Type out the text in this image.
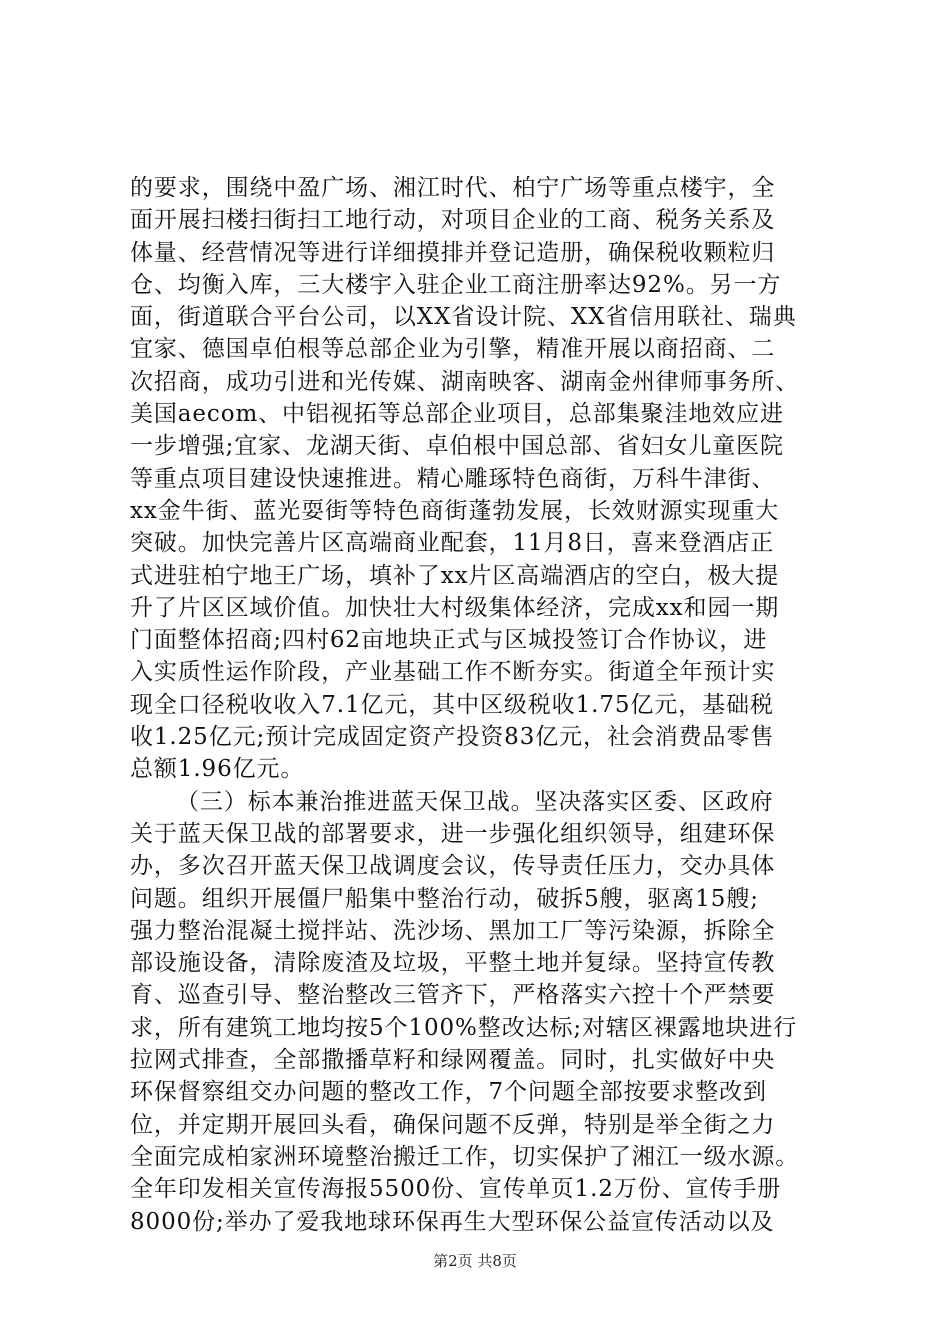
的要求，围绕中盈广场、湘江时代、柏宁广场等重点楼宇，全
面开展扫楼扫街扫工地行动，对项目企业的工商、税务关系及
体量、经营情况等进行详细摸排并登记造册，确保税收颗粒归
仓、均衡入库，三大楼宇入驻企业工商注册率达92%。另一方
面，街道联合平台公司，以XX省设计院、XX省信用联社、瑞典
宜家、德国卓伯根等总部企业为引擎，精准开展以商招商、二
次招商，成功引进和光传媒、湖南映客、湖南金州律师事务所、
美国aecom、中铝视拓等总部企业项目，总部集聚洼地效应进
一步增强;宜家、龙湖天街、卓伯根中国总部、省妇女儿童医院
等重点项目建设快速推进。精心雕琢特色商街，万科牛津街、
xx金牛街、蓝光耍街等特色商街蓬勃发展，长效财源实现重大
突破。加快完善片区高端商业配套，11月8日，喜来登酒店正
式进驻柏宁地王广场，填补了xx片区高端酒店的空白，极大提
升了片区区域价值。加快壮大村级集体经济，完成xx和园一期
门面整体招商;四村62亩地块正式与区城投签订合作协议，进
入实质性运作阶段，产业基础工作不断夯实。街道全年预计实
现全口径税收收入7.1亿元，其中区级税收1.75亿元，基础税
收1.25亿元;预计完成固定资产投资83亿元，社会消费品零售
总额1.96亿元。
（三）标本兼治推进蓝天保卫战。坚决落实区委、区政府
关于蓝天保卫战的部署要求，进一步强化组织领导，组建环保
办，多次召开蓝天保卫战调度会议，传导责任压力，交办具体
问题。组织开展僵尸船集中整治行动，破拆5艘，驱离15艘;
强力整治混凝土搅拌站、洗沙场、黑加工厂等污染源，拆除全
部设施设备，清除废渣及垃圾，平整土地并复绿。坚持宣传教
育、巡查引导、整治整改三管齐下，严格落实六控十个严禁要
求，所有建筑工地均按5个100%整改达标;对辖区裸露地块进行
拉网式排查，全部撒播草籽和绿网覆盖。同时，扎实做好中央
环保督察组交办问题的整改工作，7个问题全部按要求整改到
位，并定期开展回头看，确保问题不反弹，特别是举全街之力
全面完成柏家洲环境整治搬迁工作，切实保护了湘江一级水源。
全年印发相关宣传海报5500份、宣传单页1.2万份、宣传手册
8000份;举办了爱我地球环保再生大型环保公益宣传活动以及
第2页 共8页
